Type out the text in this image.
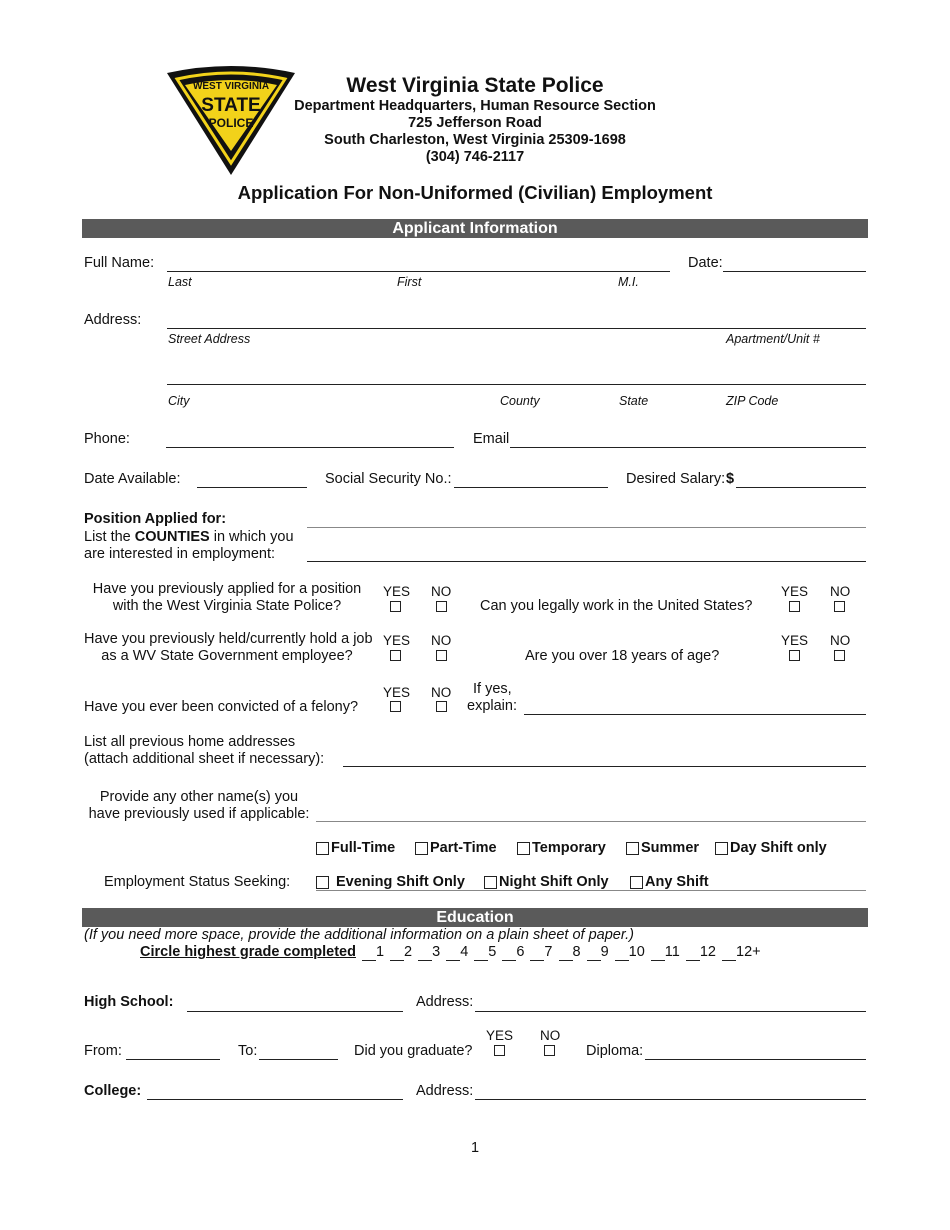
WEST VIRGINIA
STATE
POLICE
West Virginia State Police
Department Headquarters, Human Resource Section
725 Jefferson Road
South Charleston, West Virginia 25309-1698
(304) 746-2117
Application For Non-Uniformed (Civilian) Employment
Applicant Information
Full Name:	Date:
Last	First	M.I.
Address:
Street Address	Apartment/Unit #
City	County	State	ZIP Code
Phone:	Email
Date Available:	Social Security No.:	Desired Salary: $
Position Applied for:
List the COUNTIES in which you
are interested in employment:
Have you previously applied for a position
with the West Virginia State Police?
YES NO
Can you legally work in the United States?
YES NO
Have you previously held/currently hold a job
as a WV State Government employee?
YES NO
Are you over 18 years of age?
YES NO
Have you ever been convicted of a felony?
YES NO If yes,
explain:
List all previous home addresses
(attach additional sheet if necessary):
Provide any other name(s) you
have previously used if applicable:
Full-Time Part-Time Temporary Summer Day Shift only
Employment Status Seeking:	Evening Shift Only Night Shift Only	Any Shift
Education
(If you need more space, provide the additional information on a plain sheet of paper.)
Circle highest grade completed 1 2 3 4 5 6 7 8 9 10 11 12 12+
High School:	Address:
From:	To:	Did you graduate?
YES NO
Diploma:
College:	Address:
1
